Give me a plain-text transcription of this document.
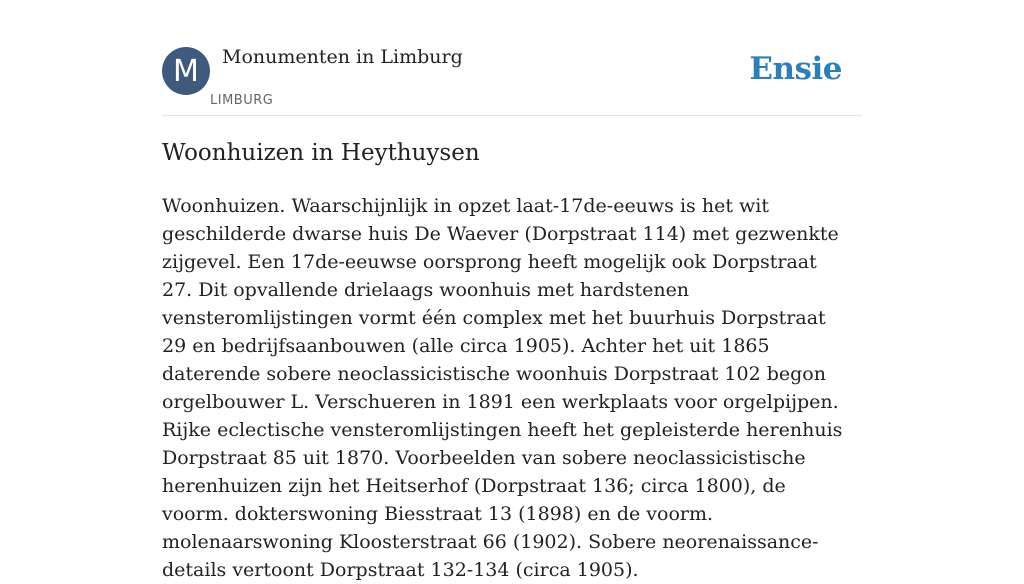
M Monumenten in Limburg
LIMBURG
Ensie
Woonhuizen in Heythuysen

Woonhuizen. Waarschijnlijk in opzet laat-17de-eeuws is het wit geschilderde dwarse huis De Waever (Dorpstraat 114) met gezwenkte zijgevel. Een 17de-eeuwse oorsprong heeft mogelijk ook Dorpstraat 27. Dit opvallende drielaags woonhuis met hardstenen vensteromlijstingen vormt één complex met het buurhuis Dorpstraat 29 en bedrijfsaanbouwen (alle circa 1905). Achter het uit 1865 daterende sobere neoclassicistische woonhuis Dorpstraat 102 begon orgelbouwer L. Verschueren in 1891 een werkplaats voor orgelpijpen. Rijke eclectische vensteromlijstingen heeft het gepleisterde herenhuis Dorpstraat 85 uit 1870. Voorbeelden van sobere neoclassicistische herenhuizen zijn het Heitserhof (Dorpstraat 136; circa 1800), de voorm. dokterswoning Biesstraat 13 (1898) en de voorm. molenaarswoning Kloosterstraat 66 (1902). Sobere neorenaissance-details vertoont Dorpstraat 132-134 (circa 1905).
